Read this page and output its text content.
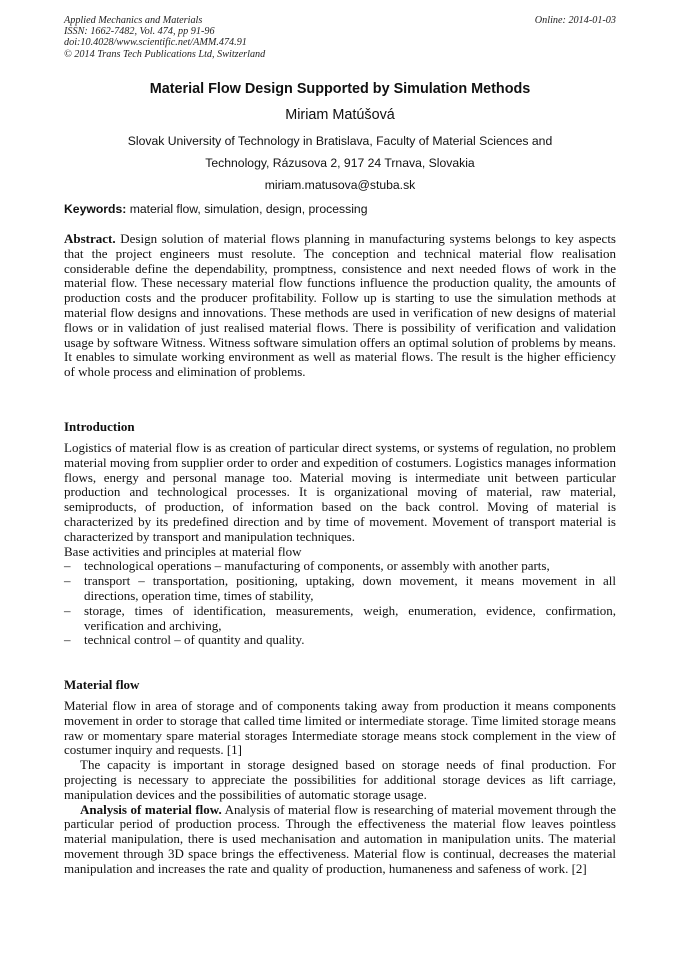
Applied Mechanics and Materials
ISSN: 1662-7482, Vol. 474, pp 91-96
doi:10.4028/www.scientific.net/AMM.474.91
© 2014 Trans Tech Publications Ltd, Switzerland
Online: 2014-01-03
Material Flow Design Supported by Simulation Methods
Miriam Matúšová
Slovak University of Technology in Bratislava, Faculty of Material Sciences and
Technology, Rázusova 2, 917 24 Trnava, Slovakia
miriam.matusova@stuba.sk
Keywords: material flow, simulation, design, processing

Abstract. Design solution of material flows planning in manufacturing systems belongs to key aspects that the project engineers must resolute. The conception and technical material flow realisation considerable define the dependability, promptness, consistence and next needed flows of work in the material flow. These necessary material flow functions influence the production quality, the amounts of production costs and the producer profitability. Follow up is starting to use the simulation methods at material flow designs and innovations. These methods are used in verification of new designs of material flows or in validation of just realised material flows. There is possibility of verification and validation usage by software Witness. Witness software simulation offers an optimal solution of problems by means. It enables to simulate working environment as well as material flows. The result is the higher efficiency of whole process and elimination of problems.

Introduction

Logistics of material flow is as creation of particular direct systems, or systems of regulation, no problem material moving from supplier order to order and expedition of costumers. Logistics manages information flows, energy and personal manage too. Material moving is intermediate unit between particular production and technological processes. It is organizational moving of material, raw material, semiproducts, of production, of information based on the back control. Moving of material is characterized by its predefined direction and by time of movement. Movement of transport material is characterized by transport and manipulation techniques.

Base activities and principles at material flow

– technological operations – manufacturing of components, or assembly with another parts,
– transport – transportation, positioning, uptaking, down movement, it means movement in all directions, operation time, times of stability,
– storage, times of identification, measurements, weigh, enumeration, evidence, confirmation, verification and archiving,
– technical control – of quantity and quality.
Material flow

Material flow in area of storage and of components taking away from production it means components movement in order to storage that called time limited or intermediate storage. Time limited storage means raw or momentary spare material storages Intermediate storage means stock complement in the view of costumer inquiry and requests. [1]

The capacity is important in storage designed based on storage needs of final production. For projecting is necessary to appreciate the possibilities for additional storage devices as lift carriage, manipulation devices and the possibilities of automatic storage usage.

Analysis of material flow. Analysis of material flow is researching of material movement through the particular period of production process. Through the effectiveness the material flow leaves pointless material manipulation, there is used mechanisation and automation in manipulation units. The material movement through 3D space brings the effectiveness. Material flow is continual, decreases the material manipulation and increases the rate and quality of production, humaneness and safeness of work. [2]
